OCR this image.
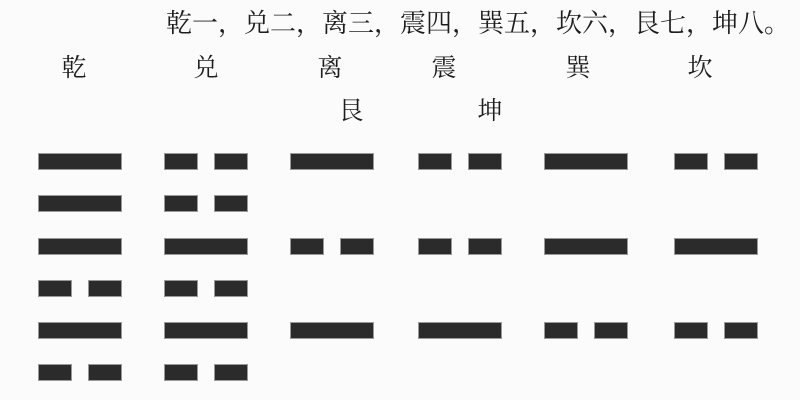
乾一，兑二，离三，震四，巽五，坎六，艮七，坤八。
乾	兑	离	震	巽	坎
艮	坤
